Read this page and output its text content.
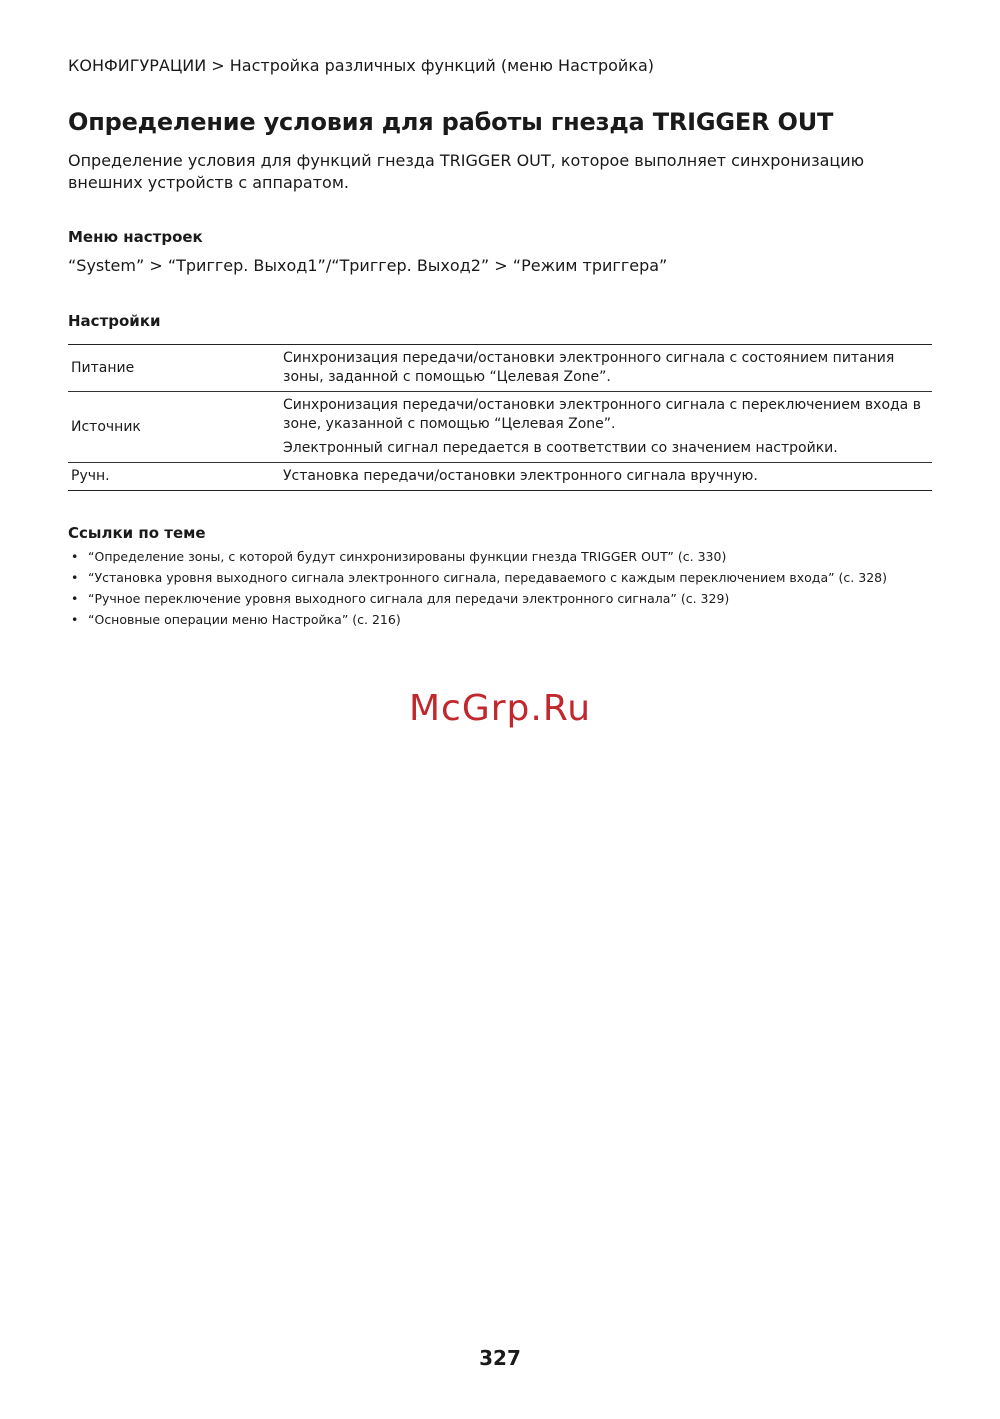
КОНФИГУРАЦИИ > Настройка различных функций (меню Настройка)
Определение условия для работы гнезда TRIGGER OUT

Определение условия для функций гнезда TRIGGER OUT, которое выполняет синхронизацию внешних устройств с аппаратом.

Меню настроек
“System” > “Триггер. Выход1”/“Триггер. Выход2” > “Режим триггера”
Настройки
Питание	Синхронизация передачи/остановки электронного сигнала с состоянием питания зоны, заданной с помощью “Целевая Zone”.

Источник	Синхронизация передачи/остановки электронного сигнала с переключением входа в зоне, указанной с помощью “Целевая Zone”.

Электронный сигнал передается в соответствии со значением настройки.

Ручн.	Установка передачи/остановки электронного сигнала вручную.

Ссылки по теме
• “Определение зоны, с которой будут синхронизированы функции гнезда TRIGGER OUT” (с. 330)
• “Установка уровня выходного сигнала электронного сигнала, передаваемого с каждым переключением входа” (с. 328)
• “Ручное переключение уровня выходного сигнала для передачи электронного сигнала” (с. 329)
• “Основные операции меню Настройка” (с. 216)
McGrp.Ru
327
